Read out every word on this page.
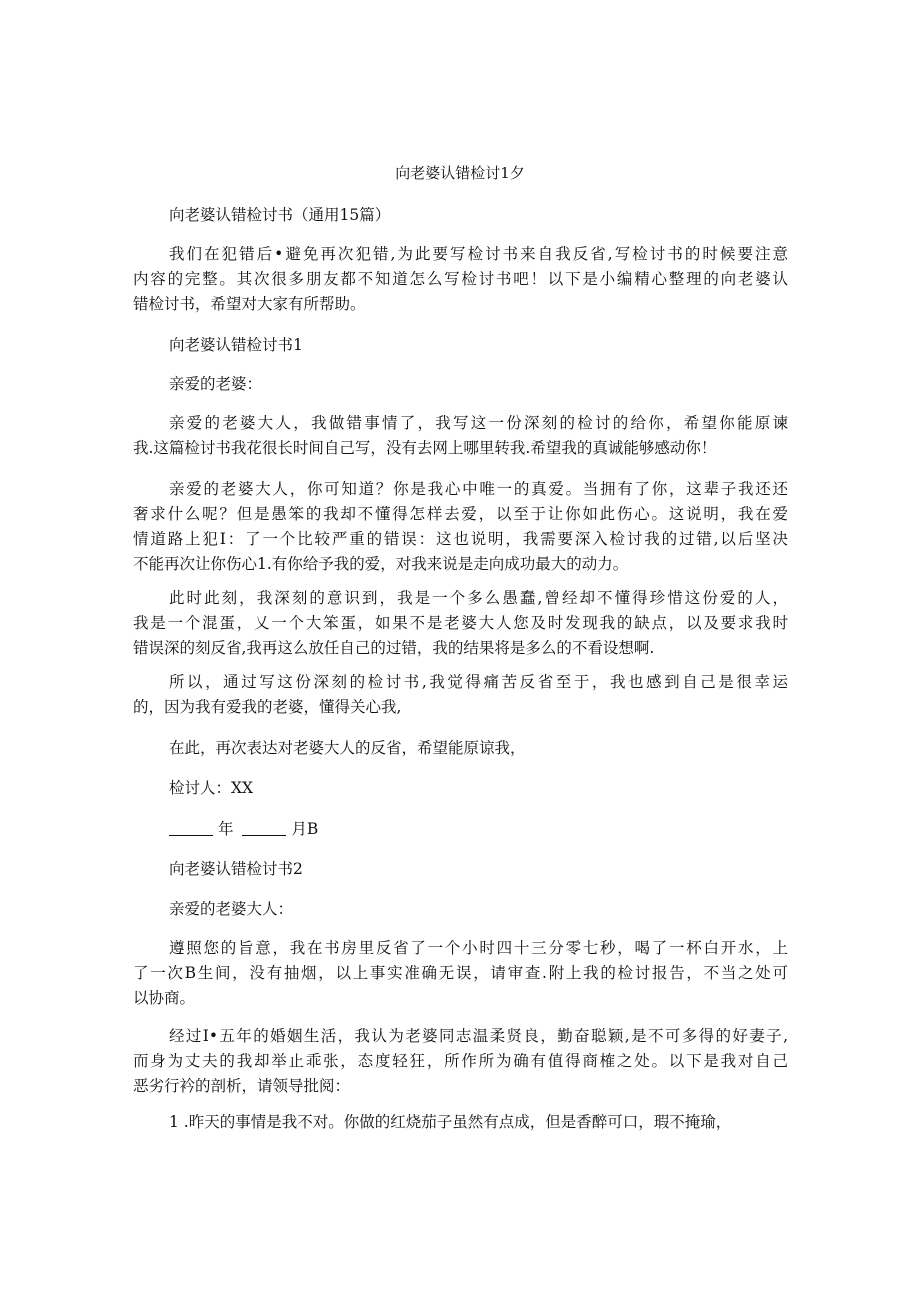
向老婆认错检讨1夕
向老婆认错检讨书（通用15篇）
我们在犯错后•避免再次犯错,为此要写检讨书来自我反省,写检讨书的时候要注意
内容的完整。其次很多朋友都不知道怎么写检讨书吧！以下是小编精心整理的向老婆认
错检讨书，希望对大家有所帮助。
向老婆认错检讨书1
亲爱的老婆：
亲爱的老婆大人，我做错事情了，我写这一份深刻的检讨的给你，希望你能原谏
我.这篇检讨书我花很长时间自己写，没有去网上哪里转我.希望我的真诚能够感动你！
亲爱的老婆大人，你可知道？你是我心中唯一的真爱。当拥有了你，这辈子我还还
奢求什么呢？但是愚笨的我却不懂得怎样去爱，以至于让你如此伤心。这说明，我在爱
情道路上犯I：了一个比较严重的错误：这也说明，我需要深入检讨我的过错,以后坚决
不能再次让你伤心1.有你给予我的爱，对我来说是走向成功最大的动力。
此时此刻，我深刻的意识到，我是一个多么愚蠢,曾经却不懂得珍惜这份爱的人，
我是一个混蛋，乂一个大笨蛋，如果不是老婆大人您及时发现我的缺点，以及要求我时
错误深的刻反省,我再这么放任自己的过错，我的结果将是多么的不看设想啊.
所以，通过写这份深刻的检讨书,我觉得痛苦反省至于，我也感到自己是很幸运
的，因为我有爱我的老婆，懂得关心我,
在此，再次表达对老婆大人的反省，希望能原谅我，
检讨人：XX
年	月B
向老婆认错检讨书2
亲爱的老婆大人：
遵照您的旨意，我在书房里反省了一个小时四十三分零七秒，喝了一杯白开水，上
了一次B生间，没有抽烟，以上事实准确无误，请审查.附上我的检讨报告，不当之处可
以协商。
经过I•五年的婚姻生活，我认为老婆同志温柔贤良，勤奋聪颖,是不可多得的好妻子,
而身为丈夫的我却举止乖张，态度轻狂，所作所为确有值得商榷之处。以下是我对自己
恶劣行衿的剖析，请领导批阅：
1 .昨天的事情是我不对。你做的红烧茄子虽然有点成，但是香醉可口，瑕不掩瑜，
